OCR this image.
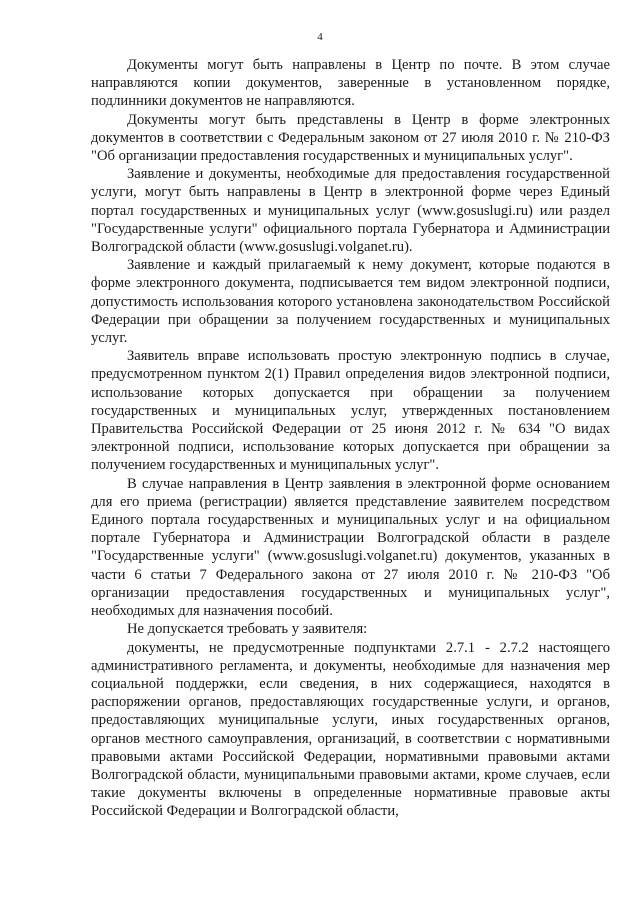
4

Документы могут быть направлены в Центр по почте. В этом случае направляются копии документов, заверенные в установленном порядке, подлинники документов не направляются.

Документы могут быть представлены в Центр в форме электронных документов в соответствии с Федеральным законом от 27 июля 2010 г. № 210-ФЗ "Об организации предоставления государственных и муниципальных услуг".

Заявление и документы, необходимые для предоставления государственной услуги, могут быть направлены в Центр в электронной форме через Единый портал государственных и муниципальных услуг (www.gosuslugi.ru) или раздел "Государственные услуги" официального портала Губернатора и Администрации Волгоградской области (www.gosuslugi.volganet.ru).

Заявление и каждый прилагаемый к нему документ, которые подаются в форме электронного документа, подписывается тем видом электронной подписи, допустимость использования которого установлена законодательством Российской Федерации при обращении за получением государственных и муниципальных услуг.

Заявитель вправе использовать простую электронную подпись в случае, предусмотренном пунктом 2(1) Правил определения видов электронной подписи, использование которых допускается при обращении за получением государственных и муниципальных услуг, утвержденных постановлением Правительства Российской Федерации от 25 июня 2012 г. № 634 "О видах электронной подписи, использование которых допускается при обращении за получением государственных и муниципальных услуг".

В случае направления в Центр заявления в электронной форме основанием для его приема (регистрации) является представление заявителем посредством Единого портала государственных и муниципальных услуг и на официальном портале Губернатора и Администрации Волгоградской области в разделе "Государственные услуги" (www.gosuslugi.volganet.ru) документов, указанных в части 6 статьи 7 Федерального закона от 27 июля 2010 г. № 210-ФЗ "Об организации предоставления государственных и муниципальных услуг", необходимых для назначения пособий.

Не допускается требовать у заявителя:

документы, не предусмотренные подпунктами 2.7.1 - 2.7.2 настоящего административного регламента, и документы, необходимые для назначения мер социальной поддержки, если сведения, в них содержащиеся, находятся в распоряжении органов, предоставляющих государственные услуги, и органов, предоставляющих муниципальные услуги, иных государственных органов, органов местного самоуправления, организаций, в соответствии с нормативными правовыми актами Российской Федерации, нормативными правовыми актами Волгоградской области, муниципальными правовыми актами, кроме случаев, если такие документы включены в определенные нормативные правовые акты Российской Федерации и Волгоградской области,
